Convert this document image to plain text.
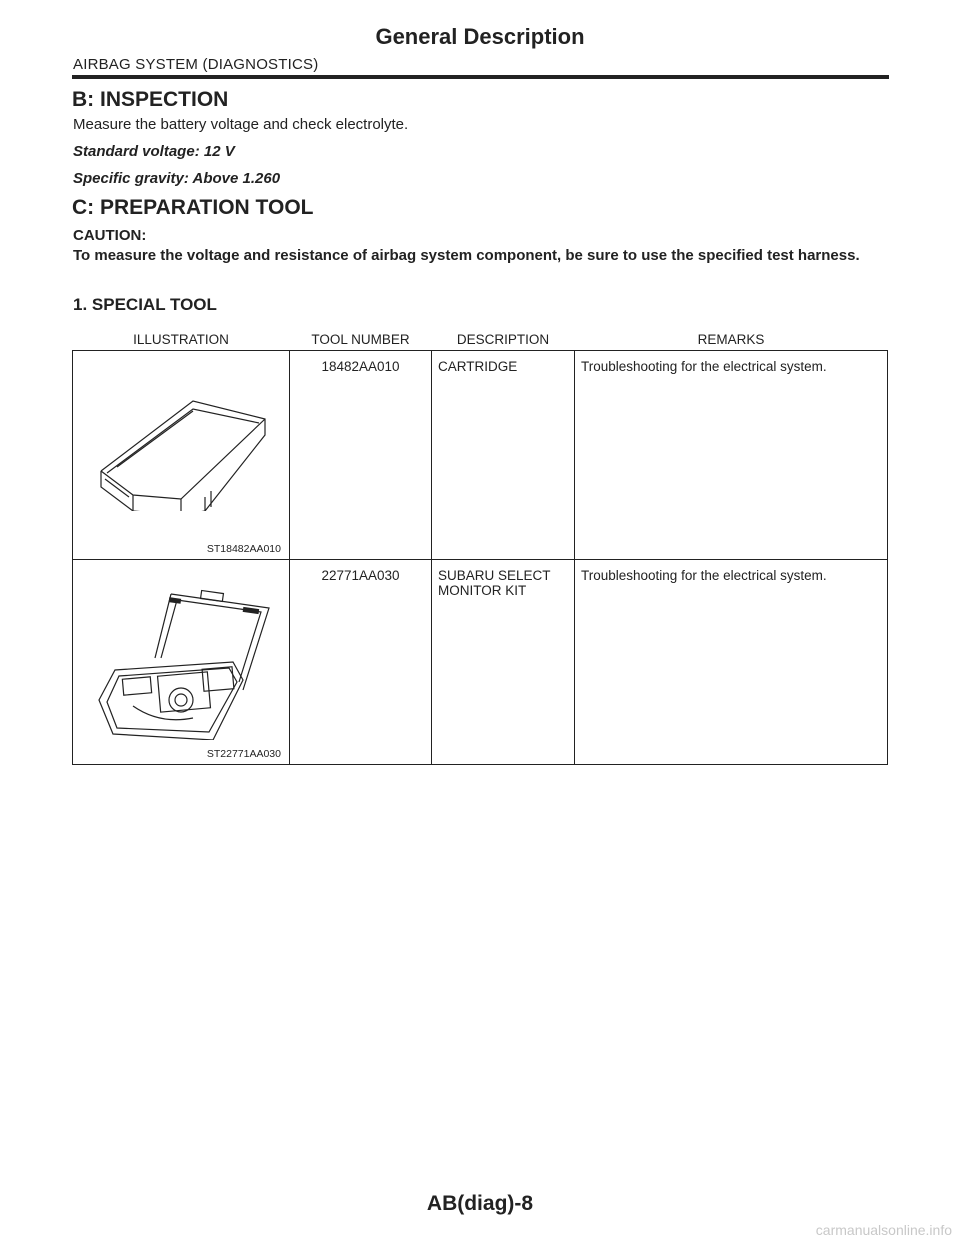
General Description
AIRBAG SYSTEM (DIAGNOSTICS)
B: INSPECTION
Measure the battery voltage and check electrolyte.
Standard voltage: 12 V
Specific gravity: Above 1.260
C: PREPARATION TOOL
CAUTION:
To measure the voltage and resistance of airbag system component, be sure to use the specified test harness.
1. SPECIAL TOOL
ILLUSTRATION	TOOL NUMBER	DESCRIPTION	REMARKS

ST18482AA010	18482AA010	CARTRIDGE	Troubleshooting for the electrical system.

ST22771AA030	22771AA030	SUBARU SELECT MONITOR KIT	Troubleshooting for the electrical system.
AB(diag)-8
carmanualsonline.info
